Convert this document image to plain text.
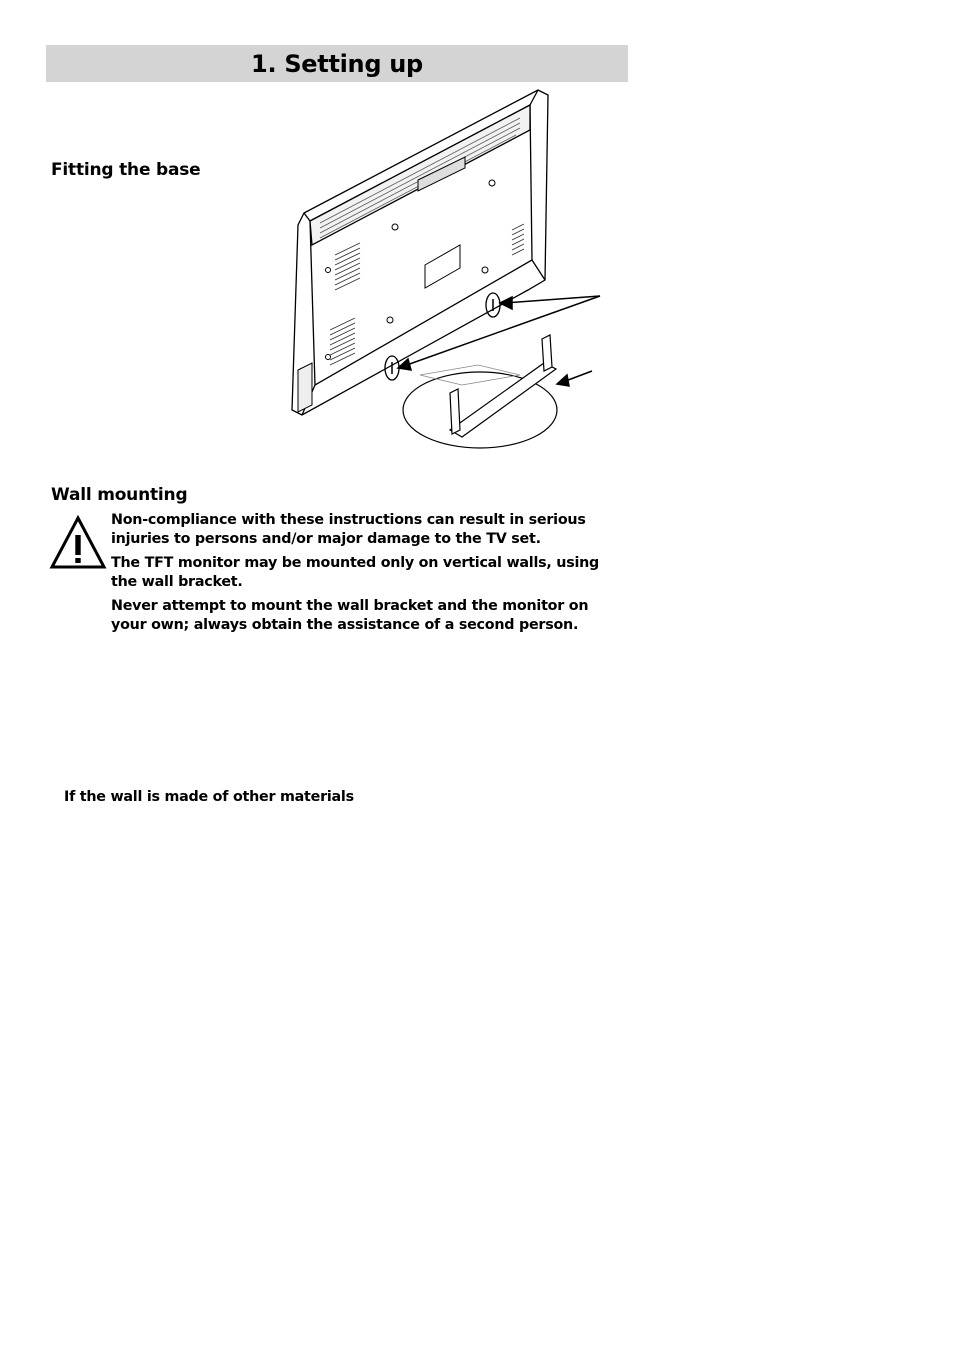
1. Setting up
Fitting the base
Wall mounting

Non-compliance with these instructions can result in serious injuries to persons and/or major damage to the TV set.

The TFT monitor may be mounted only on vertical walls, using the wall bracket.

Never attempt to mount the wall bracket and the monitor on your own; always obtain the assistance of a second person.

If the wall is made of other materials
